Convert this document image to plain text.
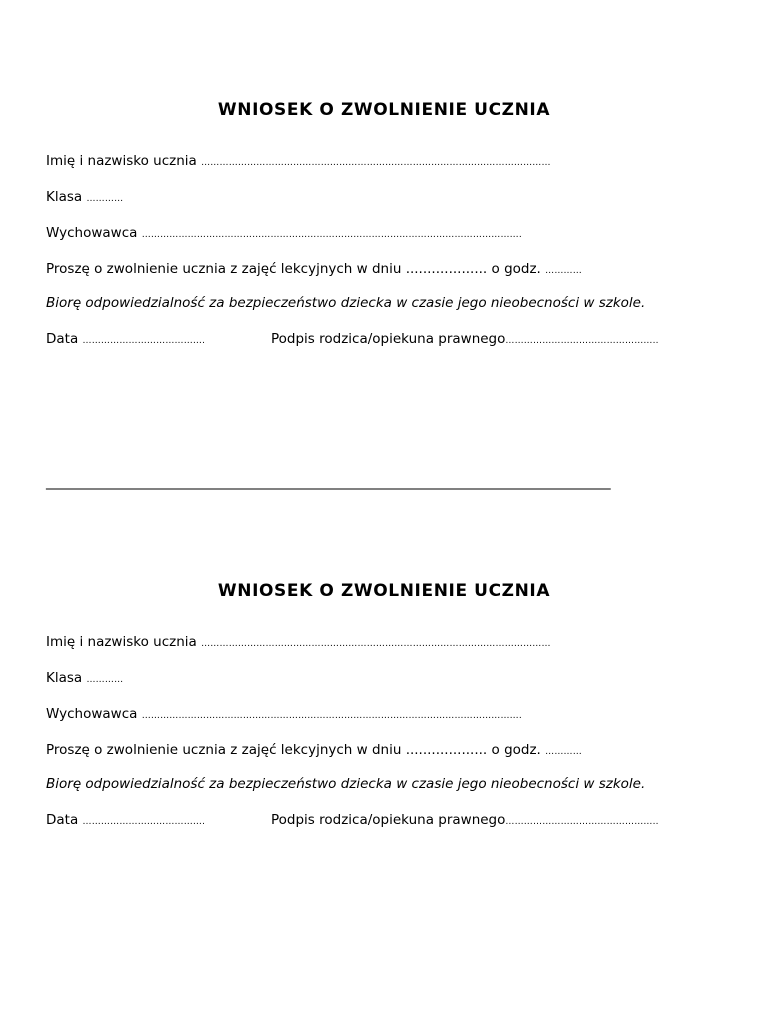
WNIOSEK O ZWOLNIENIE UCZNIA
Imię i nazwisko ucznia ……………………………………………………………………………………………………
Klasa …………
Wychowawca …………………………………………………………………………………………………………….
Proszę o zwolnienie ucznia z zajęć lekcyjnych w dniu ................... o godz. …………
Biorę odpowiedzialność za bezpieczeństwo dziecka w czasie jego nieobecności w szkole.
Data ………………………………….	Podpis rodzica/opiekuna prawnego…………………………………………..
___________________________________________________________________________________
WNIOSEK O ZWOLNIENIE UCZNIA
Imię i nazwisko ucznia ……………………………………………………………………………………………………
Klasa …………
Wychowawca …………………………………………………………………………………………………………….
Proszę o zwolnienie ucznia z zajęć lekcyjnych w dniu ................... o godz. …………
Biorę odpowiedzialność za bezpieczeństwo dziecka w czasie jego nieobecności w szkole.
Data ………………………………….	Podpis rodzica/opiekuna prawnego…………………………………………..
